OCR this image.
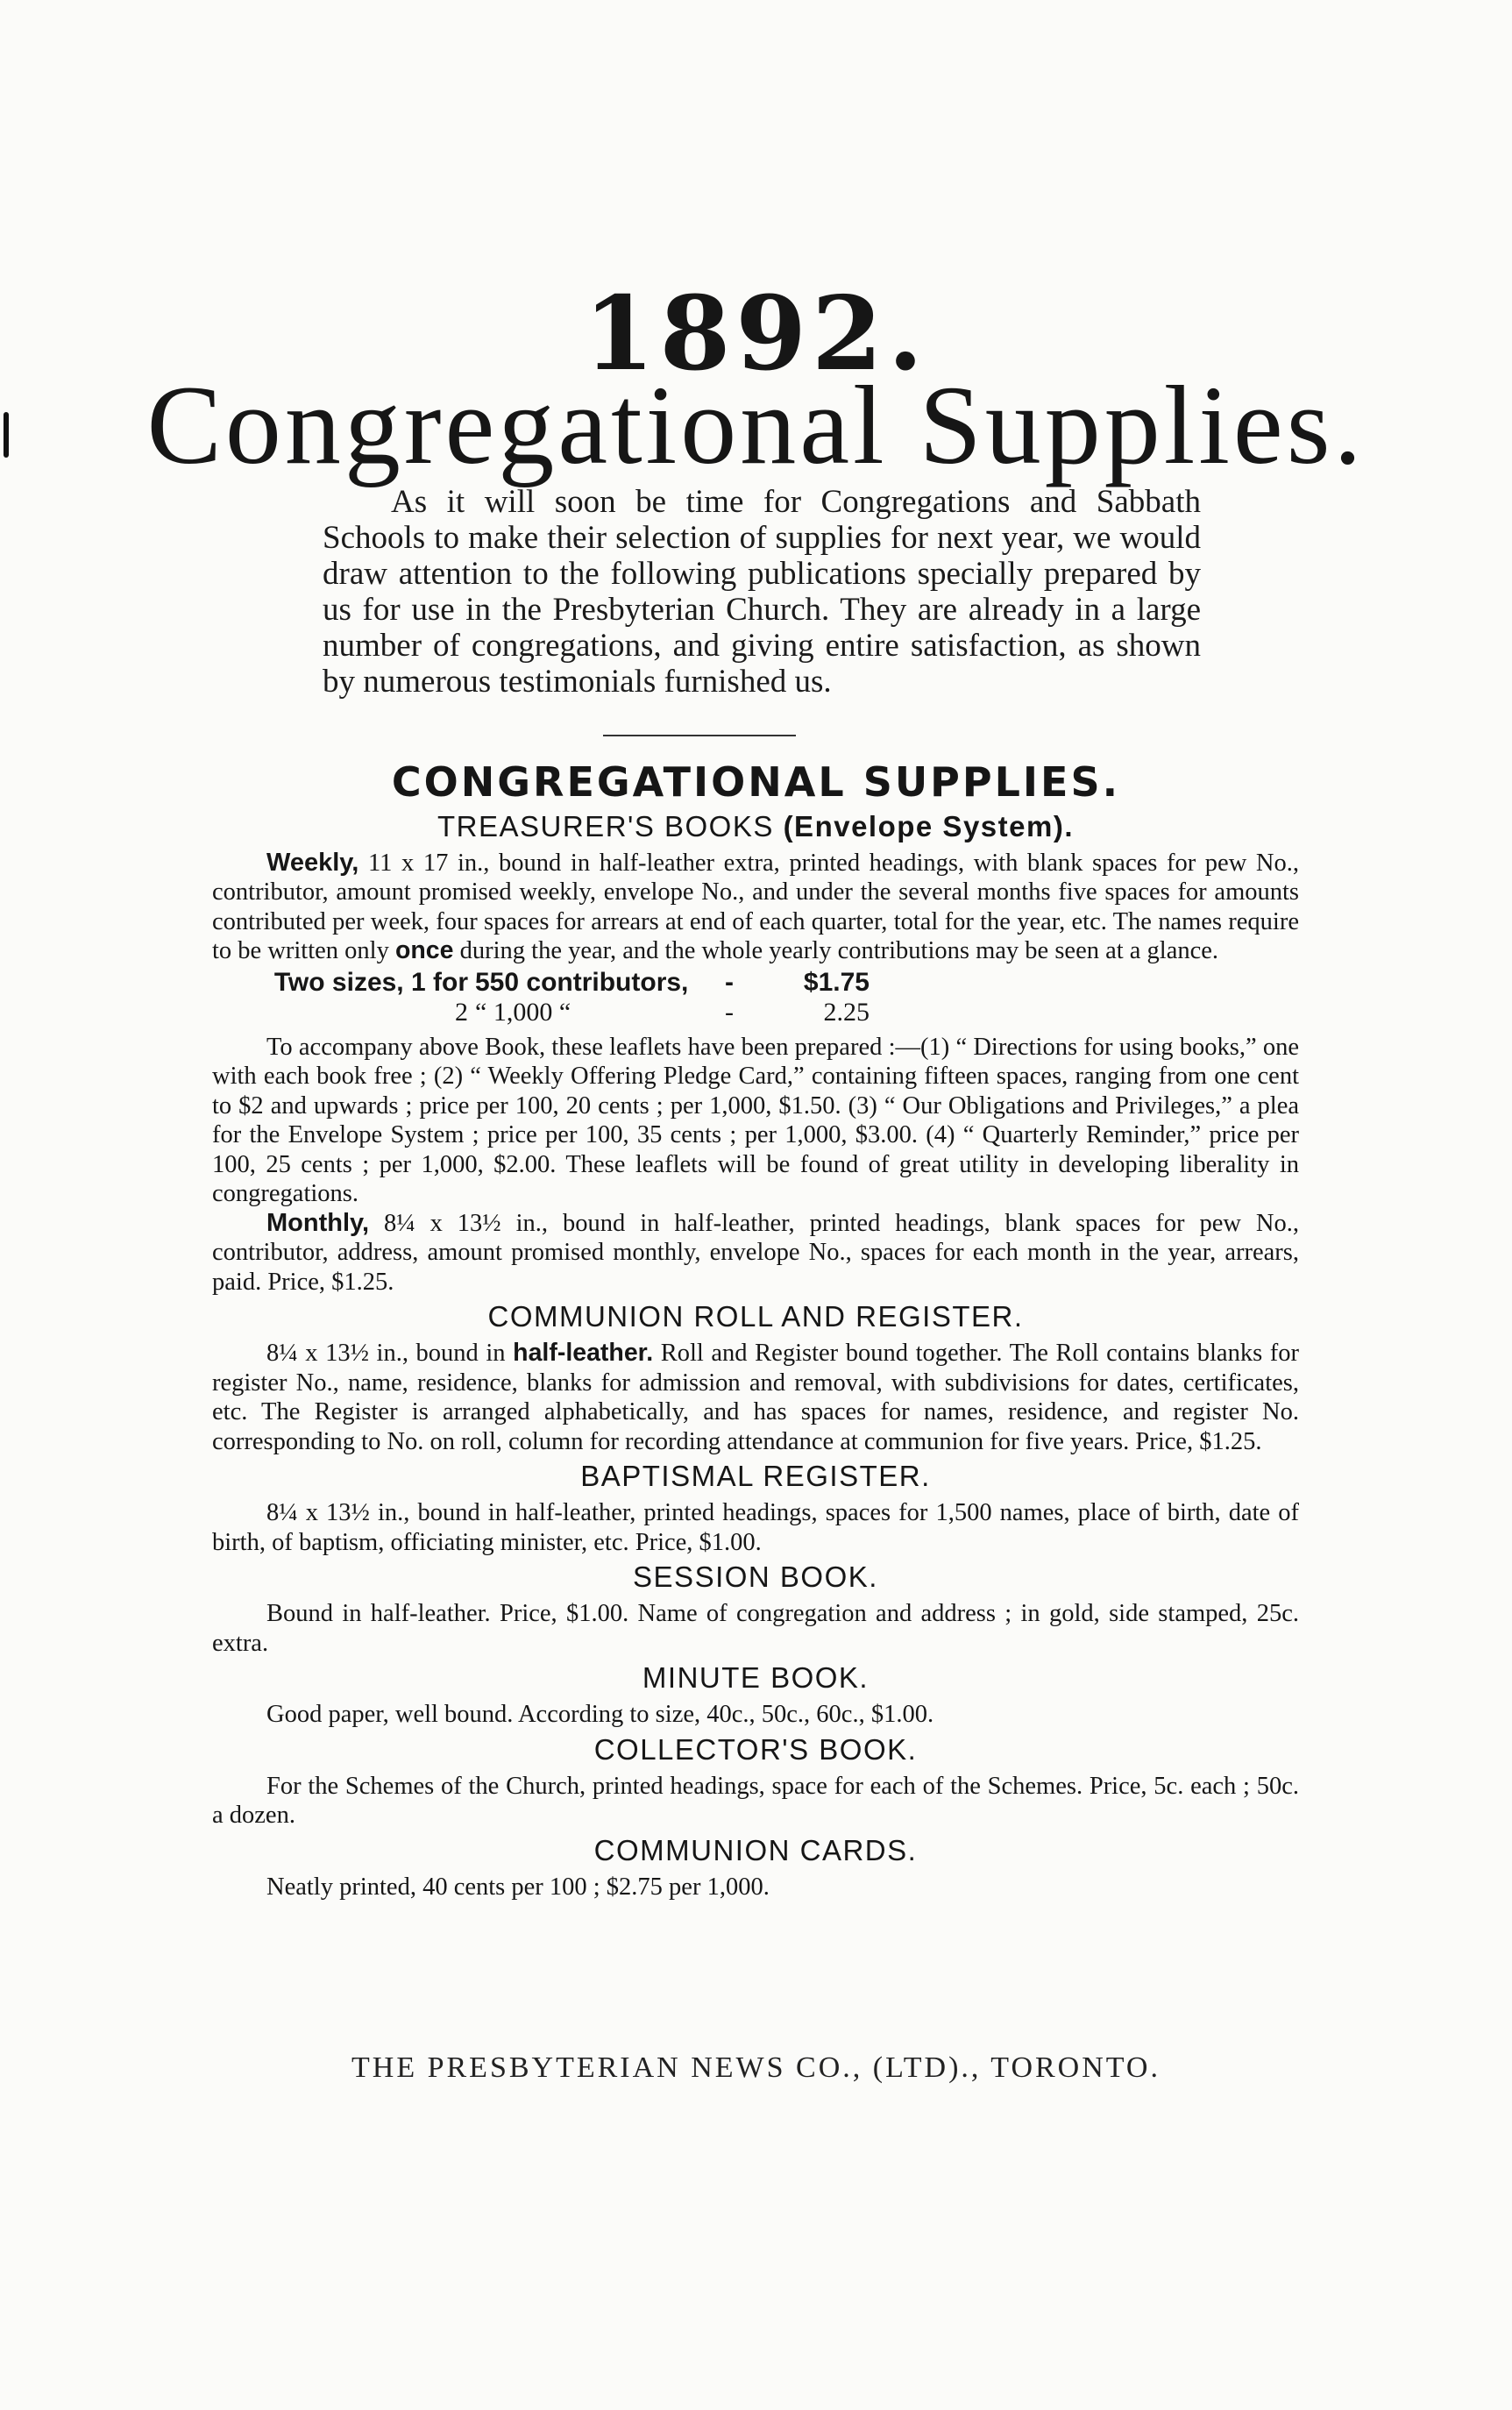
1892.
Congregational Supplies.

As it will soon be time for Congregations and Sabbath Schools to make their selection of supplies for next year, we would draw attention to the following publications specially prepared by us for use in the Presbyterian Church. They are already in a large number of congregations, and giving entire satisfaction, as shown by numerous testimonials furnished us.

CONGREGATIONAL SUPPLIES.
TREASURER'S BOOKS (Envelope System).

Weekly, 11 x 17 in., bound in half-leather extra, printed headings, with blank spaces for pew No., contributor, amount promised weekly, envelope No., and under the several months five spaces for amounts contributed per week, four spaces for arrears at end of each quarter, total for the year, etc. The names require to be written only once during the year, and the whole yearly contributions may be seen at a glance.

Two sizes, 1 for 550 contributors,	-	$1.75
2 “ 1,000 “	-	2.25

To accompany above Book, these leaflets have been prepared :—(1) “ Directions for using books,” one with each book free ; (2) “ Weekly Offering Pledge Card,” containing fifteen spaces, ranging from one cent to $2 and upwards ; price per 100, 20 cents ; per 1,000, $1.50. (3) “ Our Obligations and Privileges,” a plea for the Envelope System ; price per 100, 35 cents ; per 1,000, $3.00. (4) “ Quarterly Reminder,” price per 100, 25 cents ; per 1,000, $2.00. These leaflets will be found of great utility in developing liberality in congregations.

Monthly, 8¼ x 13½ in., bound in half-leather, printed headings, blank spaces for pew No., contributor, address, amount promised monthly, envelope No., spaces for each month in the year, arrears, paid. Price, $1.25.

COMMUNION ROLL AND REGISTER.

8¼ x 13½ in., bound in half-leather. Roll and Register bound together. The Roll contains blanks for register No., name, residence, blanks for admission and removal, with subdivisions for dates, certificates, etc. The Register is arranged alphabetically, and has spaces for names, residence, and register No. corresponding to No. on roll, column for recording attendance at communion for five years. Price, $1.25.

BAPTISMAL REGISTER.

8¼ x 13½ in., bound in half-leather, printed headings, spaces for 1,500 names, place of birth, date of birth, of baptism, officiating minister, etc. Price, $1.00.

SESSION BOOK.

Bound in half-leather. Price, $1.00. Name of congregation and address ; in gold, side stamped, 25c. extra.

MINUTE BOOK.

Good paper, well bound. According to size, 40c., 50c., 60c., $1.00.

COLLECTOR'S BOOK.

For the Schemes of the Church, printed headings, space for each of the Schemes. Price, 5c. each ; 50c. a dozen.

COMMUNION CARDS.

Neatly printed, 40 cents per 100 ; $2.75 per 1,000.

THE PRESBYTERIAN NEWS CO., (LTD)., TORONTO.
